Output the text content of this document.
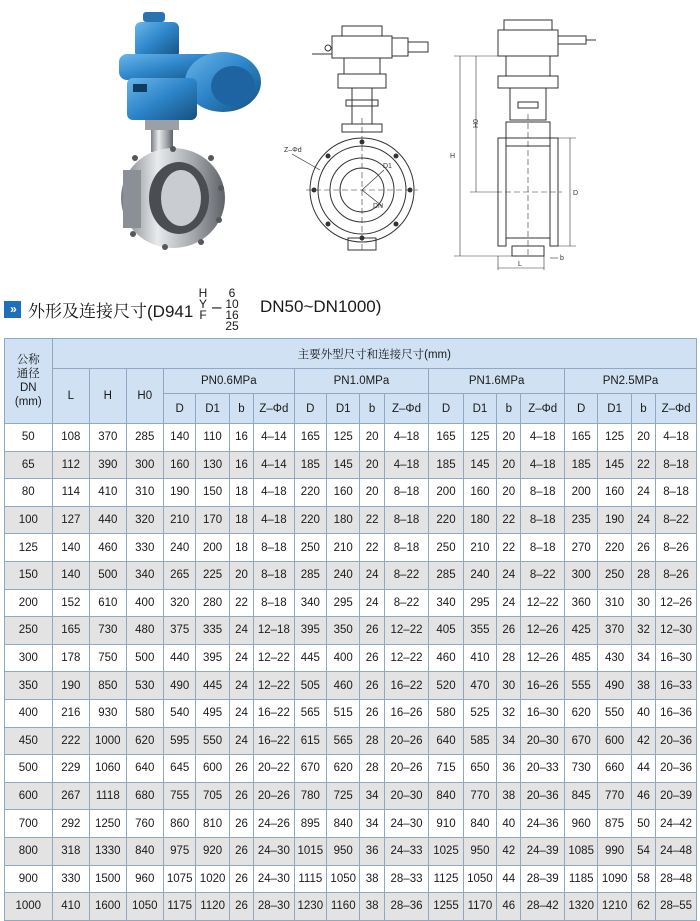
Z–Φd
D1
DN
H0
H
D
b
L
» 外形及连接尺寸(D941
H
Y
F –
6
10
16
25
DN50~DN1000)
公称
通径
DN
(mm)	主要外型尺寸和连接尺寸(mm)																		
	L	H	H0	PN0.6MPa				PN1.0MPa				PN1.6MPa				PN2.5MPa			
				D	D1	b	Z–Φd	D	D1	b	Z–Φd	D	D1	b	Z–Φd	D	D1	b	Z–Φd
50	108	370	285	140	110	16	4–14	165	125	20	4–18	165	125	20	4–18	165	125	20	4–18
65	112	390	300	160	130	16	4–14	185	145	20	4–18	185	145	20	4–18	185	145	22	8–18
80	114	410	310	190	150	18	4–18	220	160	20	8–18	200	160	20	8–18	200	160	24	8–18
100	127	440	320	210	170	18	4–18	220	180	22	8–18	220	180	22	8–18	235	190	24	8–22
125	140	460	330	240	200	18	8–18	250	210	22	8–18	250	210	22	8–18	270	220	26	8–26
150	140	500	340	265	225	20	8–18	285	240	24	8–22	285	240	24	8–22	300	250	28	8–26
200	152	610	400	320	280	22	8–18	340	295	24	8–22	340	295	24	12–22	360	310	30	12–26
250	165	730	480	375	335	24	12–18	395	350	26	12–22	405	355	26	12–26	425	370	32	12–30
300	178	750	500	440	395	24	12–22	445	400	26	12–22	460	410	28	12–26	485	430	34	16–30
350	190	850	530	490	445	24	12–22	505	460	26	16–22	520	470	30	16–26	555	490	38	16–33
400	216	930	580	540	495	24	16–22	565	515	26	16–26	580	525	32	16–30	620	550	40	16–36
450	222	1000	620	595	550	24	16–22	615	565	28	20–26	640	585	34	20–30	670	600	42	20–36
500	229	1060	640	645	600	26	20–22	670	620	28	20–26	715	650	36	20–33	730	660	44	20–36
600	267	1118	680	755	705	26	20–26	780	725	34	20–30	840	770	38	20–36	845	770	46	20–39
700	292	1250	760	860	810	26	24–26	895	840	34	24–30	910	840	40	24–36	960	875	50	24–42
800	318	1330	840	975	920	26	24–30	1015	950	36	24–33	1025	950	42	24–39	1085	990	54	24–48
900	330	1500	960	1075	1020	26	24–30	1115	1050	38	28–33	1125	1050	44	28–39	1185	1090	58	28–48
1000	410	1600	1050	1175	1120	26	28–30	1230	1160	38	28–36	1255	1170	46	28–42	1320	1210	62	28–55
